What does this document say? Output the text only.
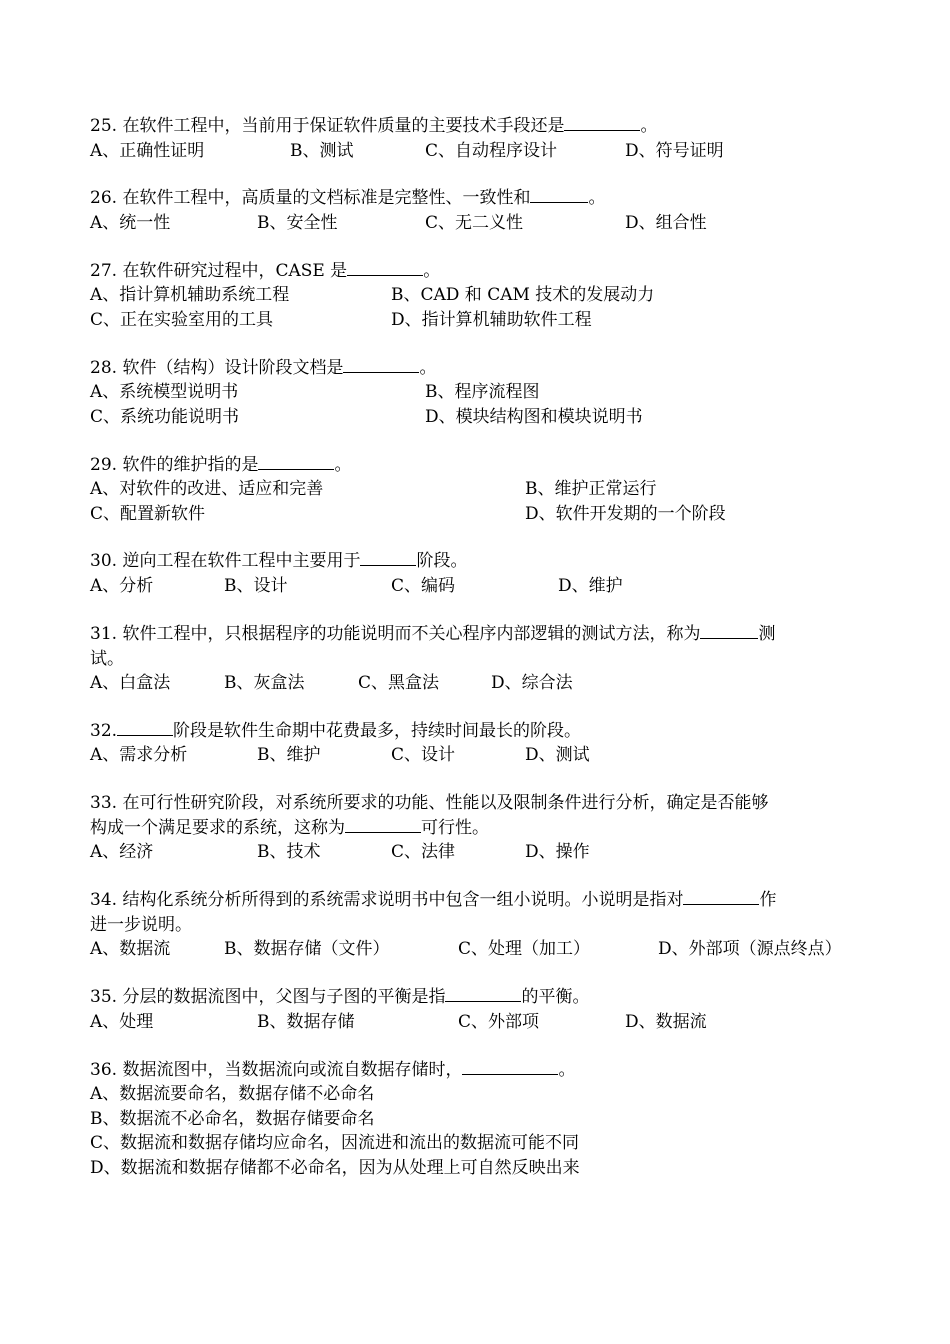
25. 在软件工程中，当前用于保证软件质量的主要技术手段还是	。
A、正确性证明	B、测试	C、自动程序设计	D、符号证明
26. 在软件工程中，高质量的文档标准是完整性、一致性和	。
A、统一性	B、安全性	C、无二义性	D、组合性
27. 在软件研究过程中，CASE 是	。
A、指计算机辅助系统工程	B、CAD 和 CAM 技术的发展动力
C、正在实验室用的工具	D、指计算机辅助软件工程
28. 软件（结构）设计阶段文档是	。
A、系统模型说明书	B、程序流程图
C、系统功能说明书	D、模块结构图和模块说明书
29. 软件的维护指的是	。
A、对软件的改进、适应和完善	B、维护正常运行
C、配置新软件	D、软件开发期的一个阶段
30. 逆向工程在软件工程中主要用于	阶段。
A、分析	B、设计	C、编码	D、维护
31. 软件工程中，只根据程序的功能说明而不关心程序内部逻辑的测试方法，称为	测
试。
A、白盒法	B、灰盒法	C、黑盒法	D、综合法
32.	阶段是软件生命期中花费最多，持续时间最长的阶段。
A、需求分析	B、维护	C、设计	D、测试
33. 在可行性研究阶段，对系统所要求的功能、性能以及限制条件进行分析，确定是否能够
构成一个满足要求的系统，这称为	可行性。
A、经济	B、技术	C、法律	D、操作
34. 结构化系统分析所得到的系统需求说明书中包含一组小说明。小说明是指对	作
进一步说明。
A、数据流	B、数据存储（文件）	C、处理（加工）	D、外部项（源点终点）
35. 分层的数据流图中，父图与子图的平衡是指	的平衡。
A、处理	B、数据存储	C、外部项	D、数据流
36. 数据流图中，当数据流向或流自数据存储时，	。
A、数据流要命名，数据存储不必命名
B、数据流不必命名，数据存储要命名
C、数据流和数据存储均应命名，因流进和流出的数据流可能不同
D、数据流和数据存储都不必命名，因为从处理上可自然反映出来
